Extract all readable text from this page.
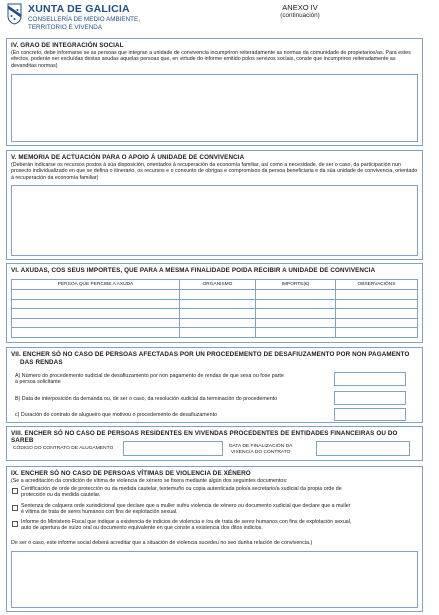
XUNTA DE GALICIA
CONSELLERÍA DE MEDIO AMBIENTE,
TERRITORIO E VIVENDA
ANEXO IV
(continuación)
IV. GRAO DE INTEGRACIÓN SOCIAL
(En concreto, debe informarse se as persoas que integran a unidade de convivencia incumpriron reiteradamente as normas da comunidade de propietarios/as. Para estes efectos, poderán ser excluídas destas axudas aquelas persoas que, en virtude do informe emitido polos servizos sociais, conste que incumpriron reiteradamente as devanditas normas)
V. MEMORIA DE ACTUACIÓN PARA O APOIO Á UNIDADE DE CONVIVENCIA
(Deberán indicarse os recursos postos á súa disposición, orientados á recuperación da economía familiar, así como a necesidade, de ser o caso, da participación nun proxecto individualizado en que se defina o itinerario, os recursos e o conxunto de obrigas e compromisos da persoa beneficiaria e da súa unidade de convivencia, orientado á recuperación da economía familiar)
VI. AXUDAS, COS SEUS IMPORTES, QUE PARA A MESMA FINALIDADE POIDA RECIBIR A UNIDADE DE CONVIVENCIA
PERSOA QUE PERCIBE A AXUDA	ORGANISMO	IMPORTE(€)	OBSERVACIÓNS

VII. ENCHER SÓ NO CASO DE PERSOAS AFECTADAS POR UN PROCEDEMENTO DE DESAFIUZAMENTO POR NON PAGAMENTO
DAS RENDAS
A) Número do procedemento xudicial de desafiuzamento por non pagamento de rendas de que sexa ou fose parte
a persoa solicitante
B) Data de interposición da demanda ou, de ser o caso, da resolución xudicial da terminación do procedemento
c) Duración do contrato de alugueiro que motivou o procedemento de desafiuzamento
VIII. ENCHER SÓ NO CASO DE PERSOAS RESIDENTES EN VIVENDAS PROCEDENTES DE ENTIDADES FINANCEIRAS OU DO SAREB
CÓDIGO DO CONTRATO DE ALUGAMENTO	DATA DE FINALIZACIÓN DA
VIXENCIA DO CONTRATO
IX. ENCHER SÓ NO CASO DE PERSOAS VÍTIMAS DE VIOLENCIA DE XÉNERO
(Se a acreditación da condición de vítima de violencia de xénero se fixera mediante algún dos seguintes documentos:
Certificación de orde de protección ou da medida cautelar, testemuño ou copia autenticada polo/a secretario/a xudicial da propia orde de
protección ou da medida cautelar.
Sentenza de calquera orde xurisdicional que declare que a muller sufriu violencia de xénero ou documento xudicial que declare que a muller
é vítima de trata de seres humanos con fins de explotación sexual.
Informe do Ministerio Fiscal que indique a existencia de indicios de violencia e /ou de trata de seres humanos con fins de explotación sexual,
auto de apertura de xuízo oral ou documento equivalente en que conste a existencia dos ditos indicios.
De ser o caso, este informe social deberá acreditar que a situación de violencia sucedeu no seo dunha relación de convivencia.)
